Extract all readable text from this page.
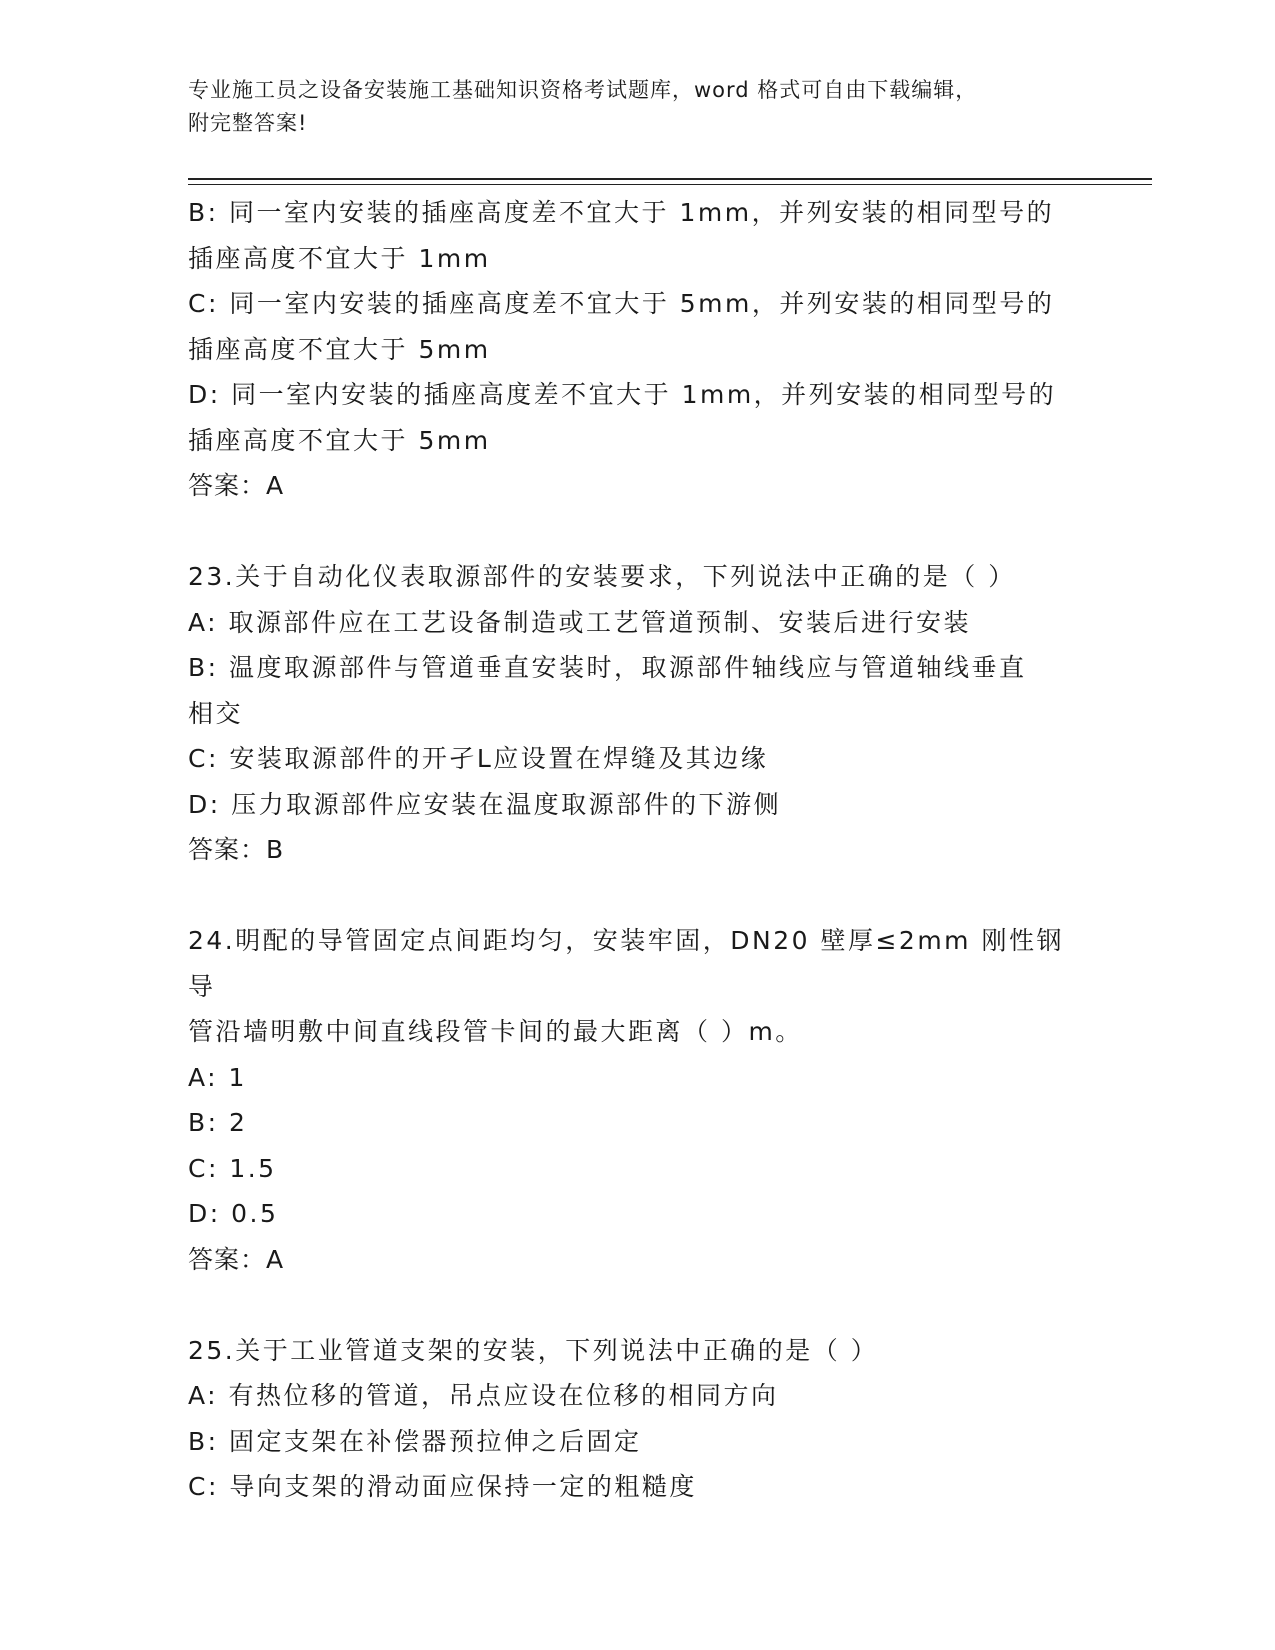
专业施工员之设备安装施工基础知识资格考试题库，word 格式可自由下载编辑，
附完整答案!
B: 同一室内安装的插座高度差不宜大于 1mm，并列安装的相同型号的
插座高度不宜大于 1mm
C: 同一室内安装的插座高度差不宜大于 5mm，并列安装的相同型号的
插座高度不宜大于 5mm
D: 同一室内安装的插座高度差不宜大于 1mm，并列安装的相同型号的
插座高度不宜大于 5mm
答案：A
23.关于自动化仪表取源部件的安装要求，下列说法中正确的是（ ）
A: 取源部件应在工艺设备制造或工艺管道预制、安装后进行安装
B: 温度取源部件与管道垂直安装时，取源部件轴线应与管道轴线垂直
相交
C: 安装取源部件的开孑L应设置在焊缝及其边缘
D: 压力取源部件应安装在温度取源部件的下游侧
答案：B
24.明配的导管固定点间距均匀，安装牢固，DN20 壁厚≤2mm 刚性钢导
管沿墙明敷中间直线段管卡间的最大距离（ ）m。
A: 1
B: 2
C: 1.5
D: 0.5
答案：A
25.关于工业管道支架的安装，下列说法中正确的是（ ）
A: 有热位移的管道，吊点应设在位移的相同方向
B: 固定支架在补偿器预拉伸之后固定
C: 导向支架的滑动面应保持一定的粗糙度
